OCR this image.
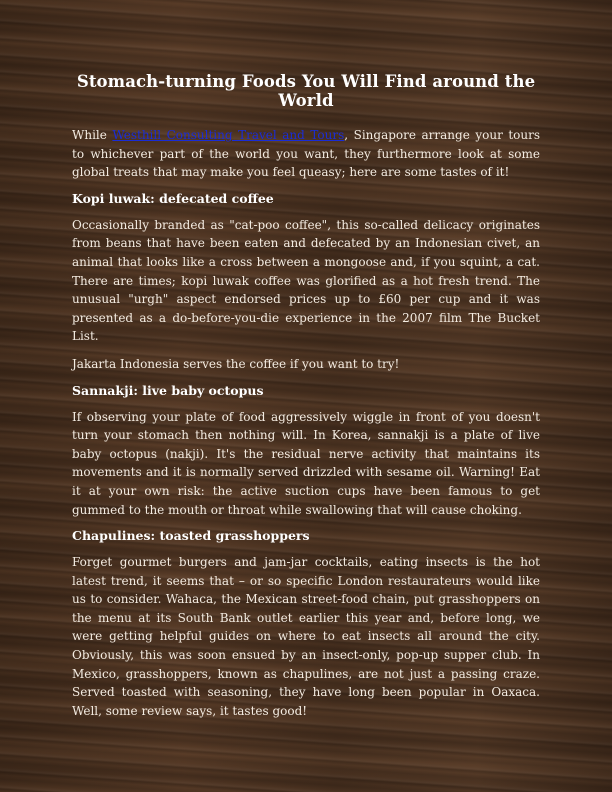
Stomach-turning Foods You Will Find around the World

While Westhill Consulting Travel and Tours, Singapore arrange your tours to whichever part of the world you want, they furthermore look at some global treats that may make you feel queasy; here are some tastes of it!

Kopi luwak: defecated coffee

Occasionally branded as "cat-poo coffee", this so-called delicacy originates from beans that have been eaten and defecated by an Indonesian civet, an animal that looks like a cross between a mongoose and, if you squint, a cat. There are times; kopi luwak coffee was glorified as a hot fresh trend. The unusual "urgh" aspect endorsed prices up to £60 per cup and it was presented as a do-before-you-die experience in the 2007 film The Bucket List.

Jakarta Indonesia serves the coffee if you want to try!

Sannakji: live baby octopus

If observing your plate of food aggressively wiggle in front of you doesn't turn your stomach then nothing will. In Korea, sannakji is a plate of live baby octopus (nakji). It's the residual nerve activity that maintains its movements and it is normally served drizzled with sesame oil. Warning! Eat it at your own risk: the active suction cups have been famous to get gummed to the mouth or throat while swallowing that will cause choking.

Chapulines: toasted grasshoppers

Forget gourmet burgers and jam-jar cocktails, eating insects is the hot latest trend, it seems that – or so specific London restaurateurs would like us to consider. Wahaca, the Mexican street-food chain, put grasshoppers on the menu at its South Bank outlet earlier this year and, before long, we were getting helpful guides on where to eat insects all around the city. Obviously, this was soon ensued by an insect-only, pop-up supper club. In Mexico, grasshoppers, known as chapulines, are not just a passing craze. Served toasted with seasoning, they have long been popular in Oaxaca. Well, some review says, it tastes good!
